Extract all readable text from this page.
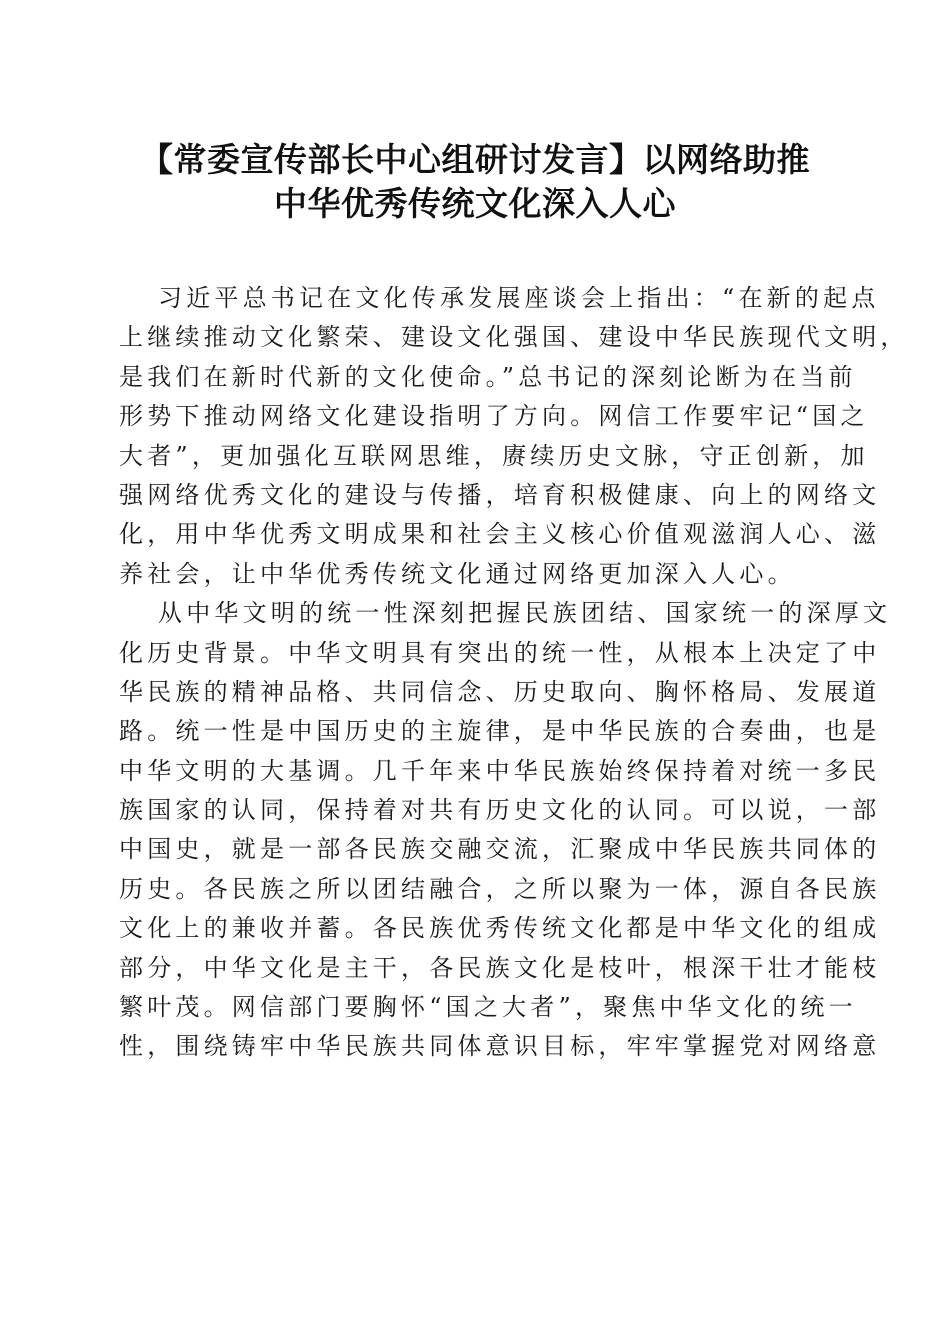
【常委宣传部长中心组研讨发言】以网络助推
中华优秀传统文化深入人心

习近平总书记在文化传承发展座谈会上指出：“在新的起点
上继续推动文化繁荣、建设文化强国、建设中华民族现代文明，
是我们在新时代新的文化使命。”总书记的深刻论断为在当前
形势下推动网络文化建设指明了方向。网信工作要牢记“国之
大者”，更加强化互联网思维，赓续历史文脉，守正创新，加
强网络优秀文化的建设与传播，培育积极健康、向上的网络文
化，用中华优秀文明成果和社会主义核心价值观滋润人心、滋
养社会，让中华优秀传统文化通过网络更加深入人心。

从中华文明的统一性深刻把握民族团结、国家统一的深厚文
化历史背景。中华文明具有突出的统一性，从根本上决定了中
华民族的精神品格、共同信念、历史取向、胸怀格局、发展道
路。统一性是中国历史的主旋律，是中华民族的合奏曲，也是
中华文明的大基调。几千年来中华民族始终保持着对统一多民
族国家的认同，保持着对共有历史文化的认同。可以说，一部
中国史，就是一部各民族交融交流，汇聚成中华民族共同体的
历史。各民族之所以团结融合，之所以聚为一体，源自各民族
文化上的兼收并蓄。各民族优秀传统文化都是中华文化的组成
部分，中华文化是主干，各民族文化是枝叶，根深干壮才能枝
繁叶茂。网信部门要胸怀“国之大者”，聚焦中华文化的统一
性，围绕铸牢中华民族共同体意识目标，牢牢掌握党对网络意
